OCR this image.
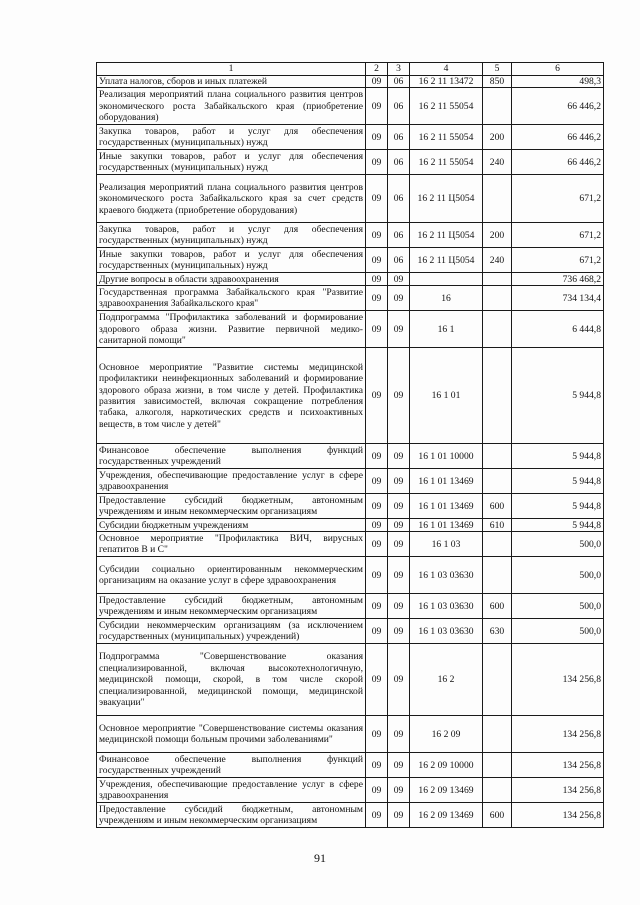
1	2	3	4	5	6
Уплата налогов, сборов и иных платежей	09	06	16 2 11 13472	850	498,3
Реализация мероприятий плана социального развития центров экономического роста Забайкальского края (приобретение оборудования)	09	06	16 2 11 55054		66 446,2
Закупка товаров, работ и услуг для обеспечения государственных (муниципальных) нужд	09	06	16 2 11 55054	200	66 446,2
Иные закупки товаров, работ и услуг для обеспечения государственных (муниципальных) нужд	09	06	16 2 11 55054	240	66 446,2
Реализация мероприятий плана социального развития центров экономического роста Забайкальского края за счет средств краевого бюджета (приобретение оборудования)	09	06	16 2 11 Ц5054		671,2
Закупка товаров, работ и услуг для обеспечения государственных (муниципальных) нужд	09	06	16 2 11 Ц5054	200	671,2
Иные закупки товаров, работ и услуг для обеспечения государственных (муниципальных) нужд	09	06	16 2 11 Ц5054	240	671,2
Другие вопросы в области здравоохранения	09	09			736 468,2
Государственная программа Забайкальского края "Развитие здравоохранения Забайкальского края"	09	09	16		734 134,4
Подпрограмма "Профилактика заболеваний и формирование здорового образа жизни. Развитие первичной медико-санитарной помощи"	09	09	16 1		6 444,8
Основное мероприятие "Развитие системы медицинской профилактики неинфекционных заболеваний и формирование здорового образа жизни, в том числе у детей. Профилактика развития зависимостей, включая сокращение потребления табака, алкоголя, наркотических средств и психоактивных веществ, в том числе у детей"	09	09	16 1 01		5 944,8
Финансовое обеспечение выполнения функций государственных учреждений	09	09	16 1 01 10000		5 944,8
Учреждения, обеспечивающие предоставление услуг в сфере здравоохранения	09	09	16 1 01 13469		5 944,8
Предоставление субсидий бюджетным, автономным учреждениям и иным некоммерческим организациям	09	09	16 1 01 13469	600	5 944,8
Субсидии бюджетным учреждениям	09	09	16 1 01 13469	610	5 944,8
Основное мероприятие "Профилактика ВИЧ, вирусных гепатитов В и С"	09	09	16 1 03		500,0
Субсидии социально ориентированным некоммерческим организациям на оказание услуг в сфере здравоохранения	09	09	16 1 03 03630		500,0
Предоставление субсидий бюджетным, автономным учреждениям и иным некоммерческим организациям	09	09	16 1 03 03630	600	500,0
Субсидии некоммерческим организациям (за исключением государственных (муниципальных) учреждений)	09	09	16 1 03 03630	630	500,0
Подпрограмма "Совершенствование оказания специализированной, включая высокотехнологичную, медицинской помощи, скорой, в том числе скорой специализированной, медицинской помощи, медицинской эвакуации"	09	09	16 2		134 256,8
Основное мероприятие "Совершенствование системы оказания медицинской помощи больным прочими заболеваниями"	09	09	16 2 09		134 256,8
Финансовое обеспечение выполнения функций государственных учреждений	09	09	16 2 09 10000		134 256,8
Учреждения, обеспечивающие предоставление услуг в сфере здравоохранения	09	09	16 2 09 13469		134 256,8
Предоставление субсидий бюджетным, автономным учреждениям и иным некоммерческим организациям	09	09	16 2 09 13469	600	134 256,8
91
